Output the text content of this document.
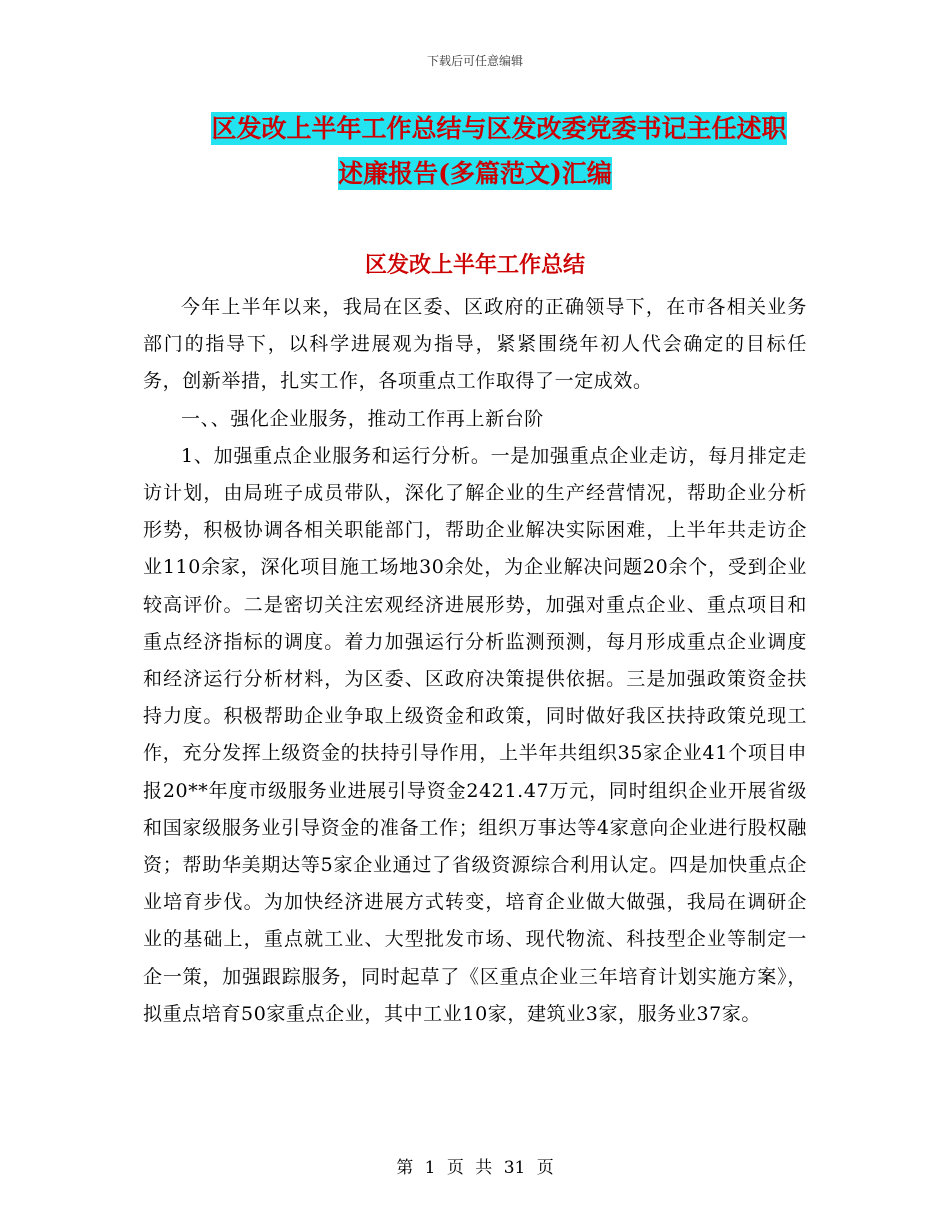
下载后可任意编辑
区发改上半年工作总结与区发改委党委书记主任述职
述廉报告(多篇范文)汇编
区发改上半年工作总结

今年上半年以来，我局在区委、区政府的正确领导下，在市各相关业务部门的指导下，以科学进展观为指导，紧紧围绕年初人代会确定的目标任务，创新举措，扎实工作，各项重点工作取得了一定成效。

一、、强化企业服务，推动工作再上新台阶

1、加强重点企业服务和运行分析。一是加强重点企业走访，每月排定走访计划，由局班子成员带队，深化了解企业的生产经营情况，帮助企业分析形势，积极协调各相关职能部门，帮助企业解决实际困难，上半年共走访企业110余家，深化项目施工场地30余处，为企业解决问题20余个，受到企业较高评价。二是密切关注宏观经济进展形势，加强对重点企业、重点项目和重点经济指标的调度。着力加强运行分析监测预测，每月形成重点企业调度和经济运行分析材料，为区委、区政府决策提供依据。三是加强政策资金扶持力度。积极帮助企业争取上级资金和政策，同时做好我区扶持政策兑现工作，充分发挥上级资金的扶持引导作用，上半年共组织35家企业41个项目申报20**年度市级服务业进展引导资金2421.47万元，同时组织企业开展省级和国家级服务业引导资金的准备工作；组织万事达等4家意向企业进行股权融资；帮助华美期达等5家企业通过了省级资源综合利用认定。四是加快重点企业培育步伐。为加快经济进展方式转变，培育企业做大做强，我局在调研企业的基础上，重点就工业、大型批发市场、现代物流、科技型企业等制定一企一策，加强跟踪服务，同时起草了《区重点企业三年培育计划实施方案》，拟重点培育50家重点企业，其中工业10家，建筑业3家，服务业37家。

第 1 页 共 31 页
